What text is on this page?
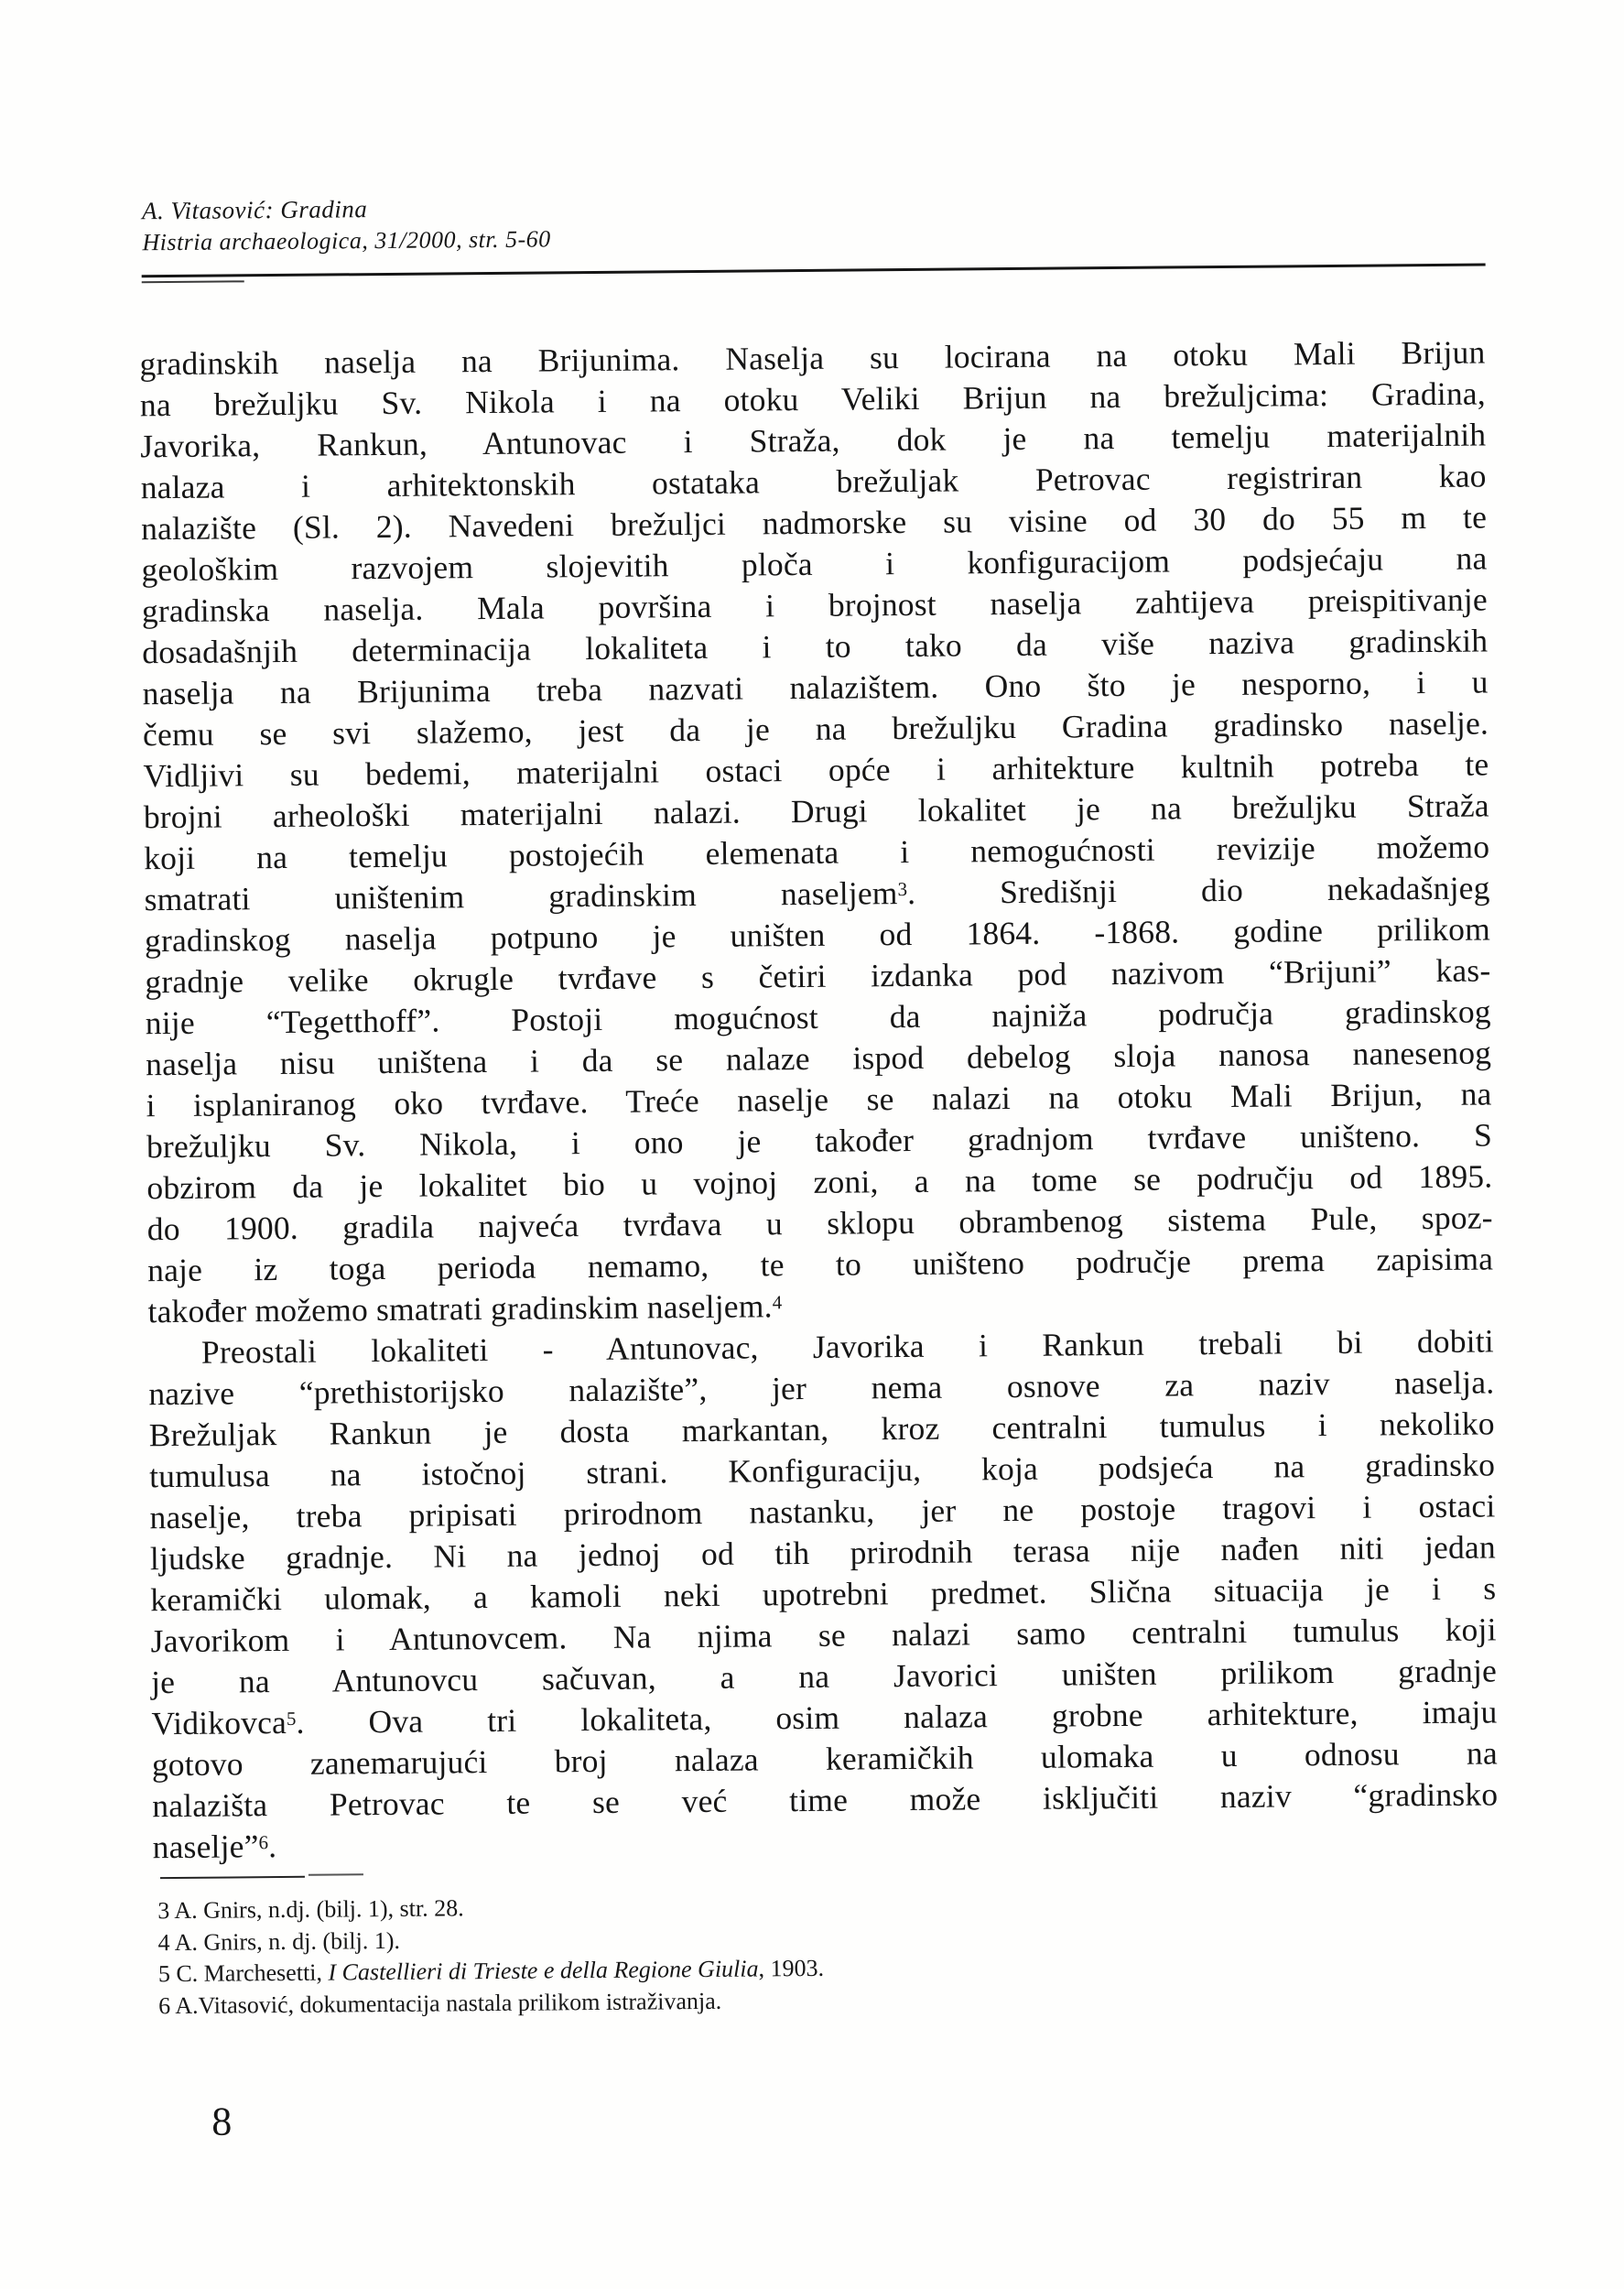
A. Vitasović: Gradina
Histria archaeologica, 31/2000, str. 5-60
gradinskih naselja na Brijunima. Naselja su locirana na otoku Mali Brijun
na brežuljku Sv. Nikola i na otoku Veliki Brijun na brežuljcima: Gradina,
Javorika, Rankun, Antunovac i Straža, dok je na temelju materijalnih
nalaza i arhitektonskih ostataka brežuljak Petrovac registriran kao
nalazište (Sl. 2). Navedeni brežuljci nadmorske su visine od 30 do 55 m te
geološkim razvojem slojevitih ploča i konfiguracijom podsjećaju na
gradinska naselja. Mala površina i brojnost naselja zahtijeva preispitivanje
dosadašnjih determinacija lokaliteta i to tako da više naziva gradinskih
naselja na Brijunima treba nazvati nalazištem. Ono što je nesporno, i u
čemu se svi slažemo, jest da je na brežuljku Gradina gradinsko naselje.
Vidljivi su bedemi, materijalni ostaci opće i arhitekture kultnih potreba te
brojni arheološki materijalni nalazi. Drugi lokalitet je na brežuljku Straža
koji na temelju postojećih elemenata i nemogućnosti revizije možemo
smatrati uništenim gradinskim naseljem$^3$. Središnji dio nekadašnjeg
gradinskog naselja potpuno je uništen od 1864. -1868. godine prilikom
gradnje velike okrugle tvrđave s četiri izdanka pod nazivom “Brijuni” kas-
nije “Tegetthoff”. Postoji mogućnost da najniža područja gradinskog
naselja nisu uništena i da se nalaze ispod debelog sloja nanosa nanesenog
i isplaniranog oko tvrđave. Treće naselje se nalazi na otoku Mali Brijun, na
brežuljku Sv. Nikola, i ono je također gradnjom tvrđave uništeno. S
obzirom da je lokalitet bio u vojnoj zoni, a na tome se području od 1895.
do 1900. gradila najveća tvrđava u sklopu obrambenog sistema Pule, spoz-
naje iz toga perioda nemamo, te to uništeno područje prema zapisima
također možemo smatrati gradinskim naseljem.$^4$
Preostali lokaliteti - Antunovac, Javorika i Rankun trebali bi dobiti
nazive “prethistorijsko nalazište”, jer nema osnove za naziv naselja.
Brežuljak Rankun je dosta markantan, kroz centralni tumulus i nekoliko
tumulusa na istočnoj strani. Konfiguraciju, koja podsjeća na gradinsko
naselje, treba pripisati prirodnom nastanku, jer ne postoje tragovi i ostaci
ljudske gradnje. Ni na jednoj od tih prirodnih terasa nije nađen niti jedan
keramički ulomak, a kamoli neki upotrebni predmet. Slična situacija je i s
Javorikom i Antunovcem. Na njima se nalazi samo centralni tumulus koji
je na Antunovcu sačuvan, a na Javorici uništen prilikom gradnje
Vidikovca$^5$. Ova tri lokaliteta, osim nalaza grobne arhitekture, imaju
gotovo zanemarujući broj nalaza keramičkih ulomaka u odnosu na
nalazišta Petrovac te se već time može isključiti naziv “gradinsko
naselje”$^6$.
3 A. Gnirs, n.dj. (bilj. 1), str. 28.
4 A. Gnirs, n. dj. (bilj. 1).
5 C. Marchesetti, I Castellieri di Trieste e della Regione Giulia, 1903.
6 A.Vitasović, dokumentacija nastala prilikom istraživanja.
8
